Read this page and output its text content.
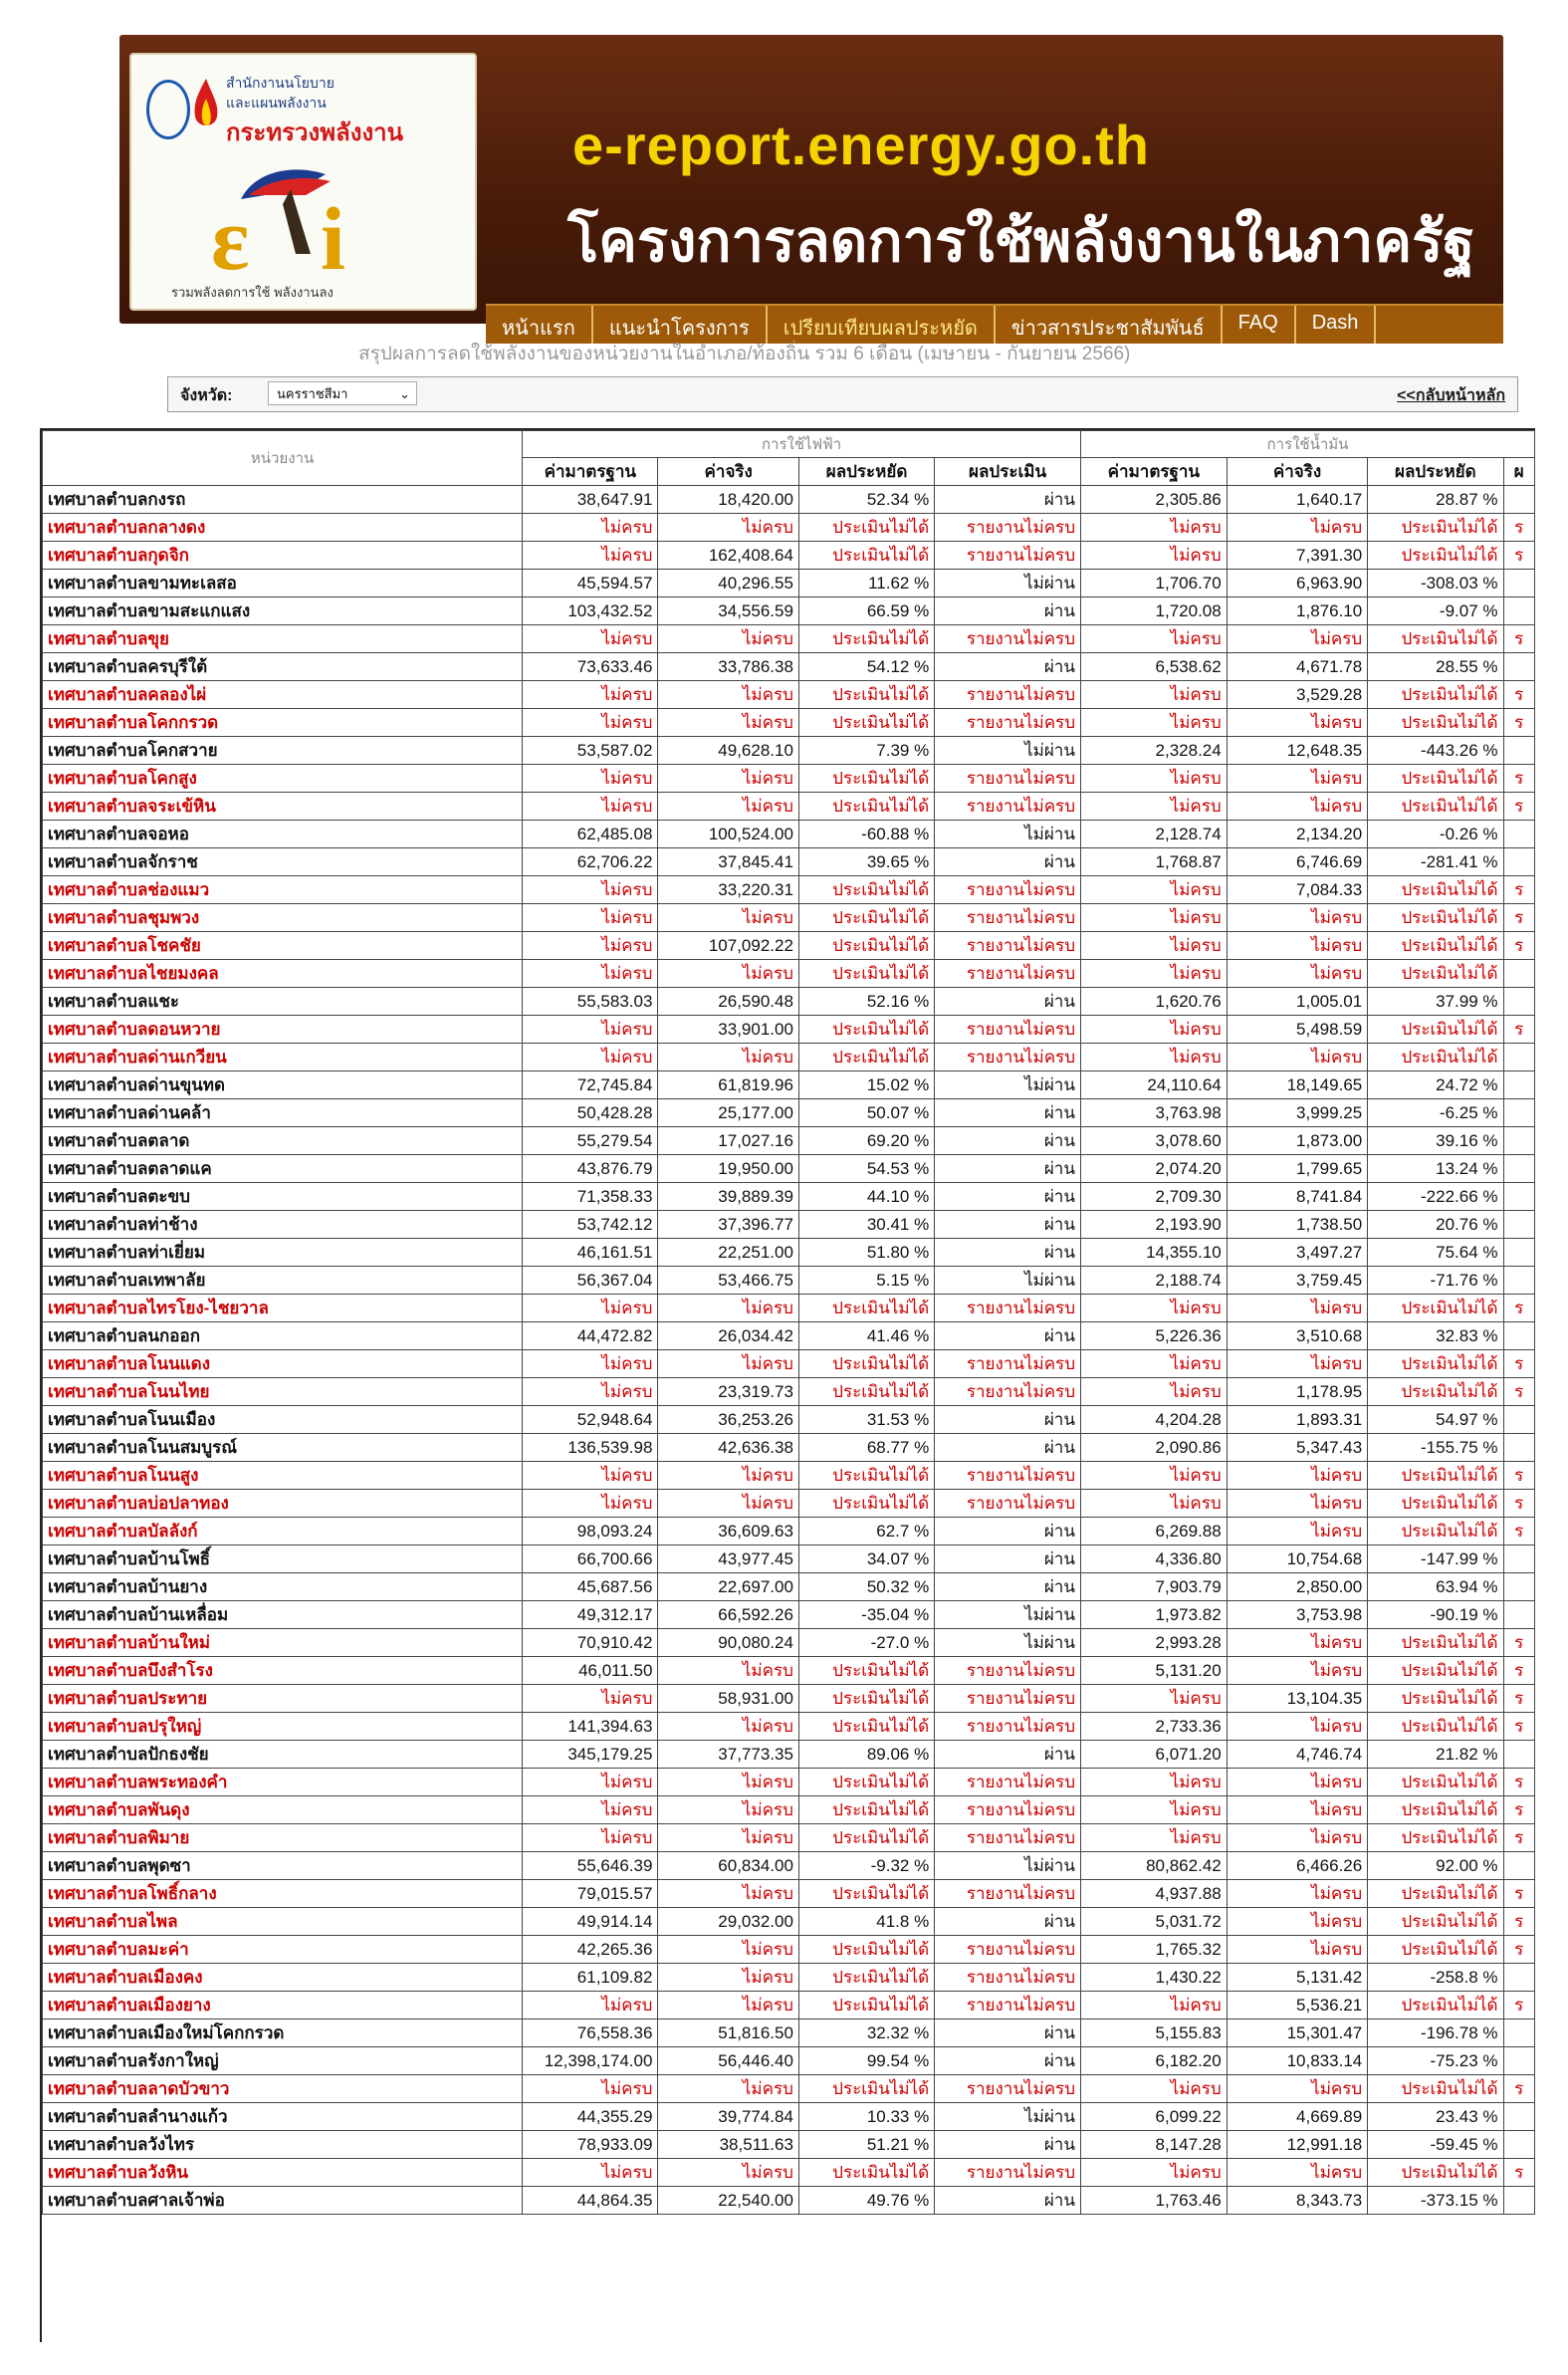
สำนักงานนโยบาย
และแผนพลังงาน
กระทรวงพลังงาน
ε i
รวมพลังลดการใช้ พลังงานลง
e-report.energy.go.th
โครงการลดการใช้พลังงานในภาครัฐ
หน้าแรก	แนะนำโครงการ	เปรียบเทียบผลประหยัด	ข่าวสารประชาสัมพันธ์	FAQ	Dash
สรุปผลการลดใช้พลังงานของหน่วยงานในอำเภอ/ท้องถิ่น รวม 6 เดือน (เมษายน - กันยายน 2566)
จังหวัด:	นครราชสีมา	⌄	<<กลับหน้าหลัก
หน่วยงาน	การใช้ไฟฟ้า				การใช้น้ำมัน			
	ค่ามาตรฐาน	ค่าจริง	ผลประหยัด	ผลประเมิน	ค่ามาตรฐาน	ค่าจริง	ผลประหยัด	ผ
เทศบาลตำบลกงรถ	38,647.91	18,420.00	52.34 %	ผ่าน	2,305.86	1,640.17	28.87 %	
เทศบาลตำบลกลางดง	ไม่ครบ	ไม่ครบ	ประเมินไม่ได้	รายงานไม่ครบ	ไม่ครบ	ไม่ครบ	ประเมินไม่ได้	ร
เทศบาลตำบลกุดจิก	ไม่ครบ	162,408.64	ประเมินไม่ได้	รายงานไม่ครบ	ไม่ครบ	7,391.30	ประเมินไม่ได้	ร
เทศบาลตำบลขามทะเลสอ	45,594.57	40,296.55	11.62 %	ไม่ผ่าน	1,706.70	6,963.90	-308.03 %	
เทศบาลตำบลขามสะแกแสง	103,432.52	34,556.59	66.59 %	ผ่าน	1,720.08	1,876.10	-9.07 %	
เทศบาลตำบลขุย	ไม่ครบ	ไม่ครบ	ประเมินไม่ได้	รายงานไม่ครบ	ไม่ครบ	ไม่ครบ	ประเมินไม่ได้	ร
เทศบาลตำบลครบุรีใต้	73,633.46	33,786.38	54.12 %	ผ่าน	6,538.62	4,671.78	28.55 %	
เทศบาลตำบลคลองไผ่	ไม่ครบ	ไม่ครบ	ประเมินไม่ได้	รายงานไม่ครบ	ไม่ครบ	3,529.28	ประเมินไม่ได้	ร
เทศบาลตำบลโคกกรวด	ไม่ครบ	ไม่ครบ	ประเมินไม่ได้	รายงานไม่ครบ	ไม่ครบ	ไม่ครบ	ประเมินไม่ได้	ร
เทศบาลตำบลโคกสวาย	53,587.02	49,628.10	7.39 %	ไม่ผ่าน	2,328.24	12,648.35	-443.26 %	
เทศบาลตำบลโคกสูง	ไม่ครบ	ไม่ครบ	ประเมินไม่ได้	รายงานไม่ครบ	ไม่ครบ	ไม่ครบ	ประเมินไม่ได้	ร
เทศบาลตำบลจระเข้หิน	ไม่ครบ	ไม่ครบ	ประเมินไม่ได้	รายงานไม่ครบ	ไม่ครบ	ไม่ครบ	ประเมินไม่ได้	ร
เทศบาลตำบลจอหอ	62,485.08	100,524.00	-60.88 %	ไม่ผ่าน	2,128.74	2,134.20	-0.26 %	
เทศบาลตำบลจักราช	62,706.22	37,845.41	39.65 %	ผ่าน	1,768.87	6,746.69	-281.41 %	
เทศบาลตำบลช่องแมว	ไม่ครบ	33,220.31	ประเมินไม่ได้	รายงานไม่ครบ	ไม่ครบ	7,084.33	ประเมินไม่ได้	ร
เทศบาลตำบลชุมพวง	ไม่ครบ	ไม่ครบ	ประเมินไม่ได้	รายงานไม่ครบ	ไม่ครบ	ไม่ครบ	ประเมินไม่ได้	ร
เทศบาลตำบลโชคชัย	ไม่ครบ	107,092.22	ประเมินไม่ได้	รายงานไม่ครบ	ไม่ครบ	ไม่ครบ	ประเมินไม่ได้	ร
เทศบาลตำบลไชยมงคล	ไม่ครบ	ไม่ครบ	ประเมินไม่ได้	รายงานไม่ครบ	ไม่ครบ	ไม่ครบ	ประเมินไม่ได้	
เทศบาลตำบลแชะ	55,583.03	26,590.48	52.16 %	ผ่าน	1,620.76	1,005.01	37.99 %	
เทศบาลตำบลดอนหวาย	ไม่ครบ	33,901.00	ประเมินไม่ได้	รายงานไม่ครบ	ไม่ครบ	5,498.59	ประเมินไม่ได้	ร
เทศบาลตำบลด่านเกวียน	ไม่ครบ	ไม่ครบ	ประเมินไม่ได้	รายงานไม่ครบ	ไม่ครบ	ไม่ครบ	ประเมินไม่ได้	
เทศบาลตำบลด่านขุนทด	72,745.84	61,819.96	15.02 %	ไม่ผ่าน	24,110.64	18,149.65	24.72 %	
เทศบาลตำบลด่านคล้า	50,428.28	25,177.00	50.07 %	ผ่าน	3,763.98	3,999.25	-6.25 %	
เทศบาลตำบลตลาด	55,279.54	17,027.16	69.20 %	ผ่าน	3,078.60	1,873.00	39.16 %	
เทศบาลตำบลตลาดแค	43,876.79	19,950.00	54.53 %	ผ่าน	2,074.20	1,799.65	13.24 %	
เทศบาลตำบลตะขบ	71,358.33	39,889.39	44.10 %	ผ่าน	2,709.30	8,741.84	-222.66 %	
เทศบาลตำบลท่าช้าง	53,742.12	37,396.77	30.41 %	ผ่าน	2,193.90	1,738.50	20.76 %	
เทศบาลตำบลท่าเยี่ยม	46,161.51	22,251.00	51.80 %	ผ่าน	14,355.10	3,497.27	75.64 %	
เทศบาลตำบลเทพาลัย	56,367.04	53,466.75	5.15 %	ไม่ผ่าน	2,188.74	3,759.45	-71.76 %	
เทศบาลตำบลไทรโยง-ไชยวาล	ไม่ครบ	ไม่ครบ	ประเมินไม่ได้	รายงานไม่ครบ	ไม่ครบ	ไม่ครบ	ประเมินไม่ได้	ร
เทศบาลตำบลนกออก	44,472.82	26,034.42	41.46 %	ผ่าน	5,226.36	3,510.68	32.83 %	
เทศบาลตำบลโนนแดง	ไม่ครบ	ไม่ครบ	ประเมินไม่ได้	รายงานไม่ครบ	ไม่ครบ	ไม่ครบ	ประเมินไม่ได้	ร
เทศบาลตำบลโนนไทย	ไม่ครบ	23,319.73	ประเมินไม่ได้	รายงานไม่ครบ	ไม่ครบ	1,178.95	ประเมินไม่ได้	ร
เทศบาลตำบลโนนเมือง	52,948.64	36,253.26	31.53 %	ผ่าน	4,204.28	1,893.31	54.97 %	
เทศบาลตำบลโนนสมบูรณ์	136,539.98	42,636.38	68.77 %	ผ่าน	2,090.86	5,347.43	-155.75 %	
เทศบาลตำบลโนนสูง	ไม่ครบ	ไม่ครบ	ประเมินไม่ได้	รายงานไม่ครบ	ไม่ครบ	ไม่ครบ	ประเมินไม่ได้	ร
เทศบาลตำบลบ่อปลาทอง	ไม่ครบ	ไม่ครบ	ประเมินไม่ได้	รายงานไม่ครบ	ไม่ครบ	ไม่ครบ	ประเมินไม่ได้	ร
เทศบาลตำบลบัลลังก์	98,093.24	36,609.63	62.7 %	ผ่าน	6,269.88	ไม่ครบ	ประเมินไม่ได้	ร
เทศบาลตำบลบ้านโพธิ์	66,700.66	43,977.45	34.07 %	ผ่าน	4,336.80	10,754.68	-147.99 %	
เทศบาลตำบลบ้านยาง	45,687.56	22,697.00	50.32 %	ผ่าน	7,903.79	2,850.00	63.94 %	
เทศบาลตำบลบ้านเหลื่อม	49,312.17	66,592.26	-35.04 %	ไม่ผ่าน	1,973.82	3,753.98	-90.19 %	
เทศบาลตำบลบ้านใหม่	70,910.42	90,080.24	-27.0 %	ไม่ผ่าน	2,993.28	ไม่ครบ	ประเมินไม่ได้	ร
เทศบาลตำบลบึงสำโรง	46,011.50	ไม่ครบ	ประเมินไม่ได้	รายงานไม่ครบ	5,131.20	ไม่ครบ	ประเมินไม่ได้	ร
เทศบาลตำบลประทาย	ไม่ครบ	58,931.00	ประเมินไม่ได้	รายงานไม่ครบ	ไม่ครบ	13,104.35	ประเมินไม่ได้	ร
เทศบาลตำบลปรุใหญ่	141,394.63	ไม่ครบ	ประเมินไม่ได้	รายงานไม่ครบ	2,733.36	ไม่ครบ	ประเมินไม่ได้	ร
เทศบาลตำบลปักธงชัย	345,179.25	37,773.35	89.06 %	ผ่าน	6,071.20	4,746.74	21.82 %	
เทศบาลตำบลพระทองคำ	ไม่ครบ	ไม่ครบ	ประเมินไม่ได้	รายงานไม่ครบ	ไม่ครบ	ไม่ครบ	ประเมินไม่ได้	ร
เทศบาลตำบลพันดุง	ไม่ครบ	ไม่ครบ	ประเมินไม่ได้	รายงานไม่ครบ	ไม่ครบ	ไม่ครบ	ประเมินไม่ได้	ร
เทศบาลตำบลพิมาย	ไม่ครบ	ไม่ครบ	ประเมินไม่ได้	รายงานไม่ครบ	ไม่ครบ	ไม่ครบ	ประเมินไม่ได้	ร
เทศบาลตำบลพุดซา	55,646.39	60,834.00	-9.32 %	ไม่ผ่าน	80,862.42	6,466.26	92.00 %	
เทศบาลตำบลโพธิ์กลาง	79,015.57	ไม่ครบ	ประเมินไม่ได้	รายงานไม่ครบ	4,937.88	ไม่ครบ	ประเมินไม่ได้	ร
เทศบาลตำบลไพล	49,914.14	29,032.00	41.8 %	ผ่าน	5,031.72	ไม่ครบ	ประเมินไม่ได้	ร
เทศบาลตำบลมะค่า	42,265.36	ไม่ครบ	ประเมินไม่ได้	รายงานไม่ครบ	1,765.32	ไม่ครบ	ประเมินไม่ได้	ร
เทศบาลตำบลเมืองคง	61,109.82	ไม่ครบ	ประเมินไม่ได้	รายงานไม่ครบ	1,430.22	5,131.42	-258.8 %	
เทศบาลตำบลเมืองยาง	ไม่ครบ	ไม่ครบ	ประเมินไม่ได้	รายงานไม่ครบ	ไม่ครบ	5,536.21	ประเมินไม่ได้	ร
เทศบาลตำบลเมืองใหม่โคกกรวด	76,558.36	51,816.50	32.32 %	ผ่าน	5,155.83	15,301.47	-196.78 %	
เทศบาลตำบลรังกาใหญ่	12,398,174.00	56,446.40	99.54 %	ผ่าน	6,182.20	10,833.14	-75.23 %	
เทศบาลตำบลลาดบัวขาว	ไม่ครบ	ไม่ครบ	ประเมินไม่ได้	รายงานไม่ครบ	ไม่ครบ	ไม่ครบ	ประเมินไม่ได้	ร
เทศบาลตำบลลำนางแก้ว	44,355.29	39,774.84	10.33 %	ไม่ผ่าน	6,099.22	4,669.89	23.43 %	
เทศบาลตำบลวังไทร	78,933.09	38,511.63	51.21 %	ผ่าน	8,147.28	12,991.18	-59.45 %	
เทศบาลตำบลวังหิน	ไม่ครบ	ไม่ครบ	ประเมินไม่ได้	รายงานไม่ครบ	ไม่ครบ	ไม่ครบ	ประเมินไม่ได้	ร
เทศบาลตำบลศาลเจ้าพ่อ	44,864.35	22,540.00	49.76 %	ผ่าน	1,763.46	8,343.73	-373.15 %	
